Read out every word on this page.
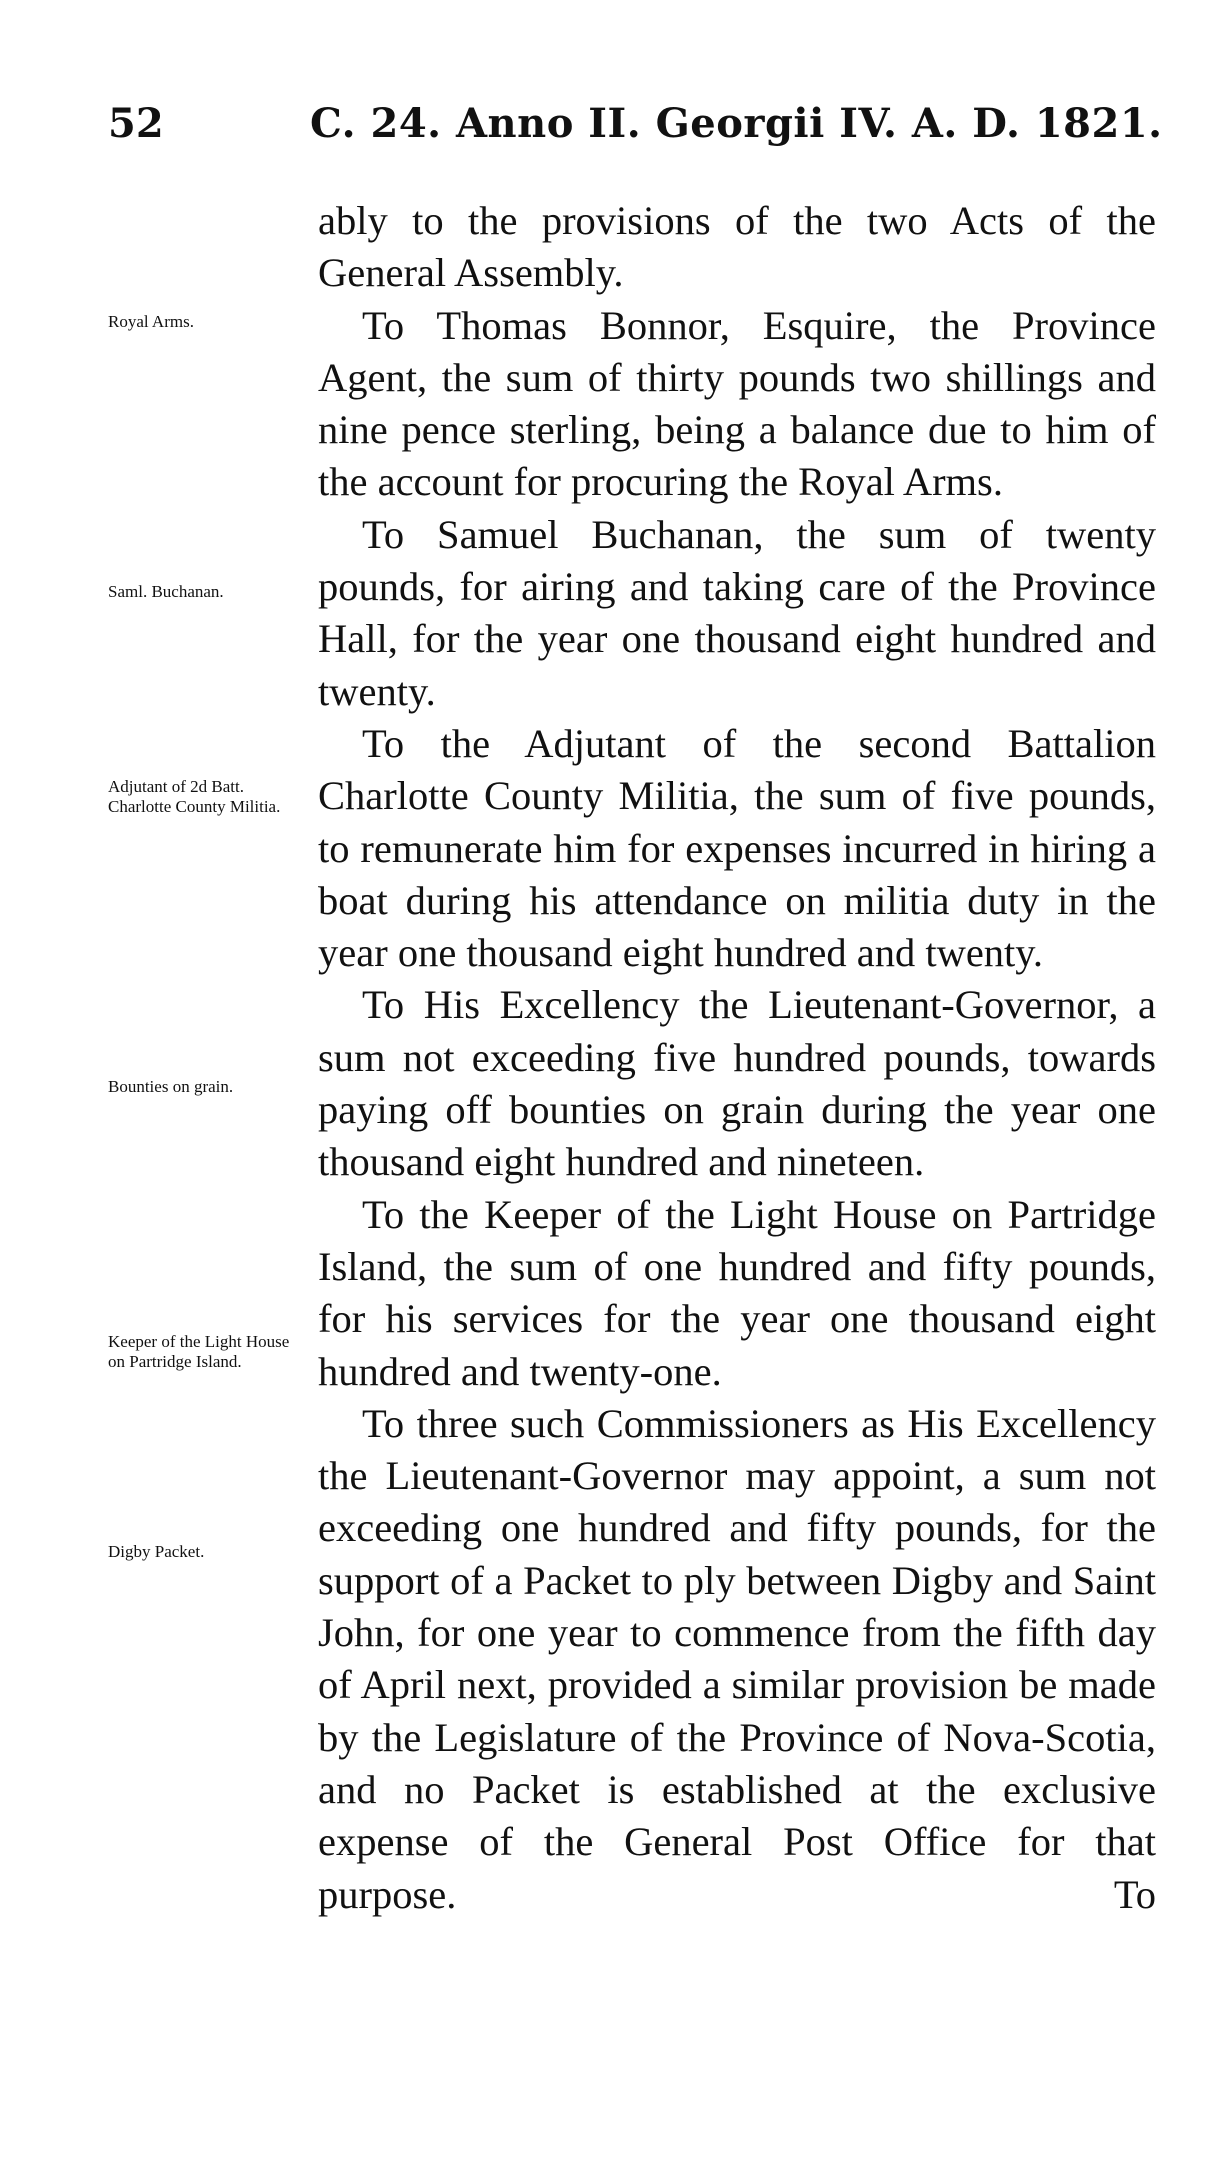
52	C. 24. Anno II. Georgii IV. A. D. 1821.
Royal Arms.
Saml. Buchanan.
Adjutant of 2d Batt. Charlotte County Militia.
Bounties on grain.
Keeper of the Light House on Partridge Island.
Digby Packet.

ably to the provisions of the two Acts of the General Assembly.

To Thomas Bonnor, Esquire, the Province Agent, the sum of thirty pounds two shillings and nine pence sterling, being a balance due to him of the account for procuring the Royal Arms.

To Samuel Buchanan, the sum of twenty pounds, for airing and taking care of the Province Hall, for the year one thousand eight hundred and twenty.

To the Adjutant of the second Battalion Charlotte County Militia, the sum of five pounds, to remunerate him for expenses incurred in hiring a boat during his attendance on militia duty in the year one thousand eight hundred and twenty.

To His Excellency the Lieutenant-Governor, a sum not exceeding five hundred pounds, towards paying off bounties on grain during the year one thousand eight hundred and nineteen.

To the Keeper of the Light House on Partridge Island, the sum of one hundred and fifty pounds, for his services for the year one thousand eight hundred and twenty-one.

To three such Commissioners as His Excellency the Lieutenant-Governor may appoint, a sum not exceeding one hundred and fifty pounds, for the support of a Packet to ply between Digby and Saint John, for one year to commence from the fifth day of April next, provided a similar provision be made by the Legislature of the Province of Nova-Scotia, and no Packet is established at the exclusive expense of the General Post Office for that purpose.	To
